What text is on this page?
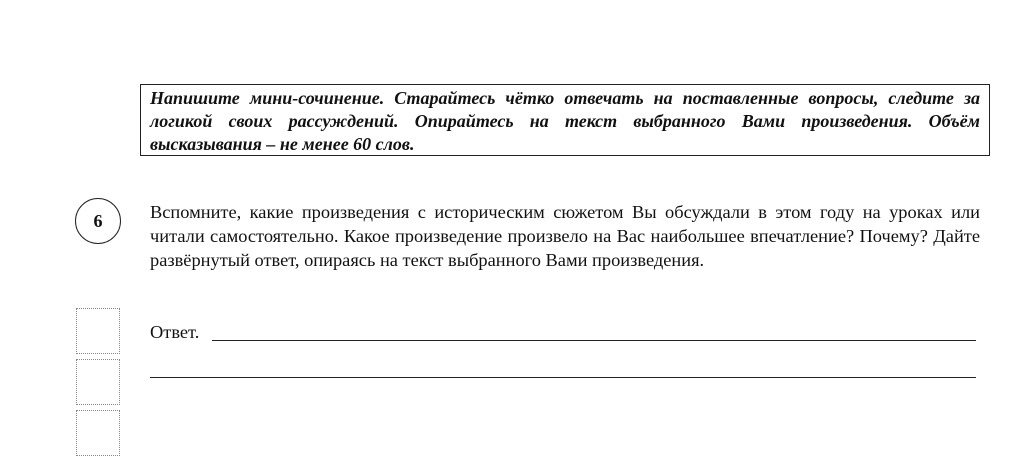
Напишите мини-сочинение. Старайтесь чётко отвечать на поставленные вопросы, следите за логикой своих рассуждений. Опирайтесь на текст выбранного Вами произведения. Объём высказывания – не менее 60 слов.
6	Вспомните, какие произведения с историческим сюжетом Вы обсуждали в этом году на уроках или читали самостоятельно. Какое произведение произвело на Вас наибольшее впечатление? Почему? Дайте развёрнутый ответ, опираясь на текст выбранного Вами произведения.
Ответ.
